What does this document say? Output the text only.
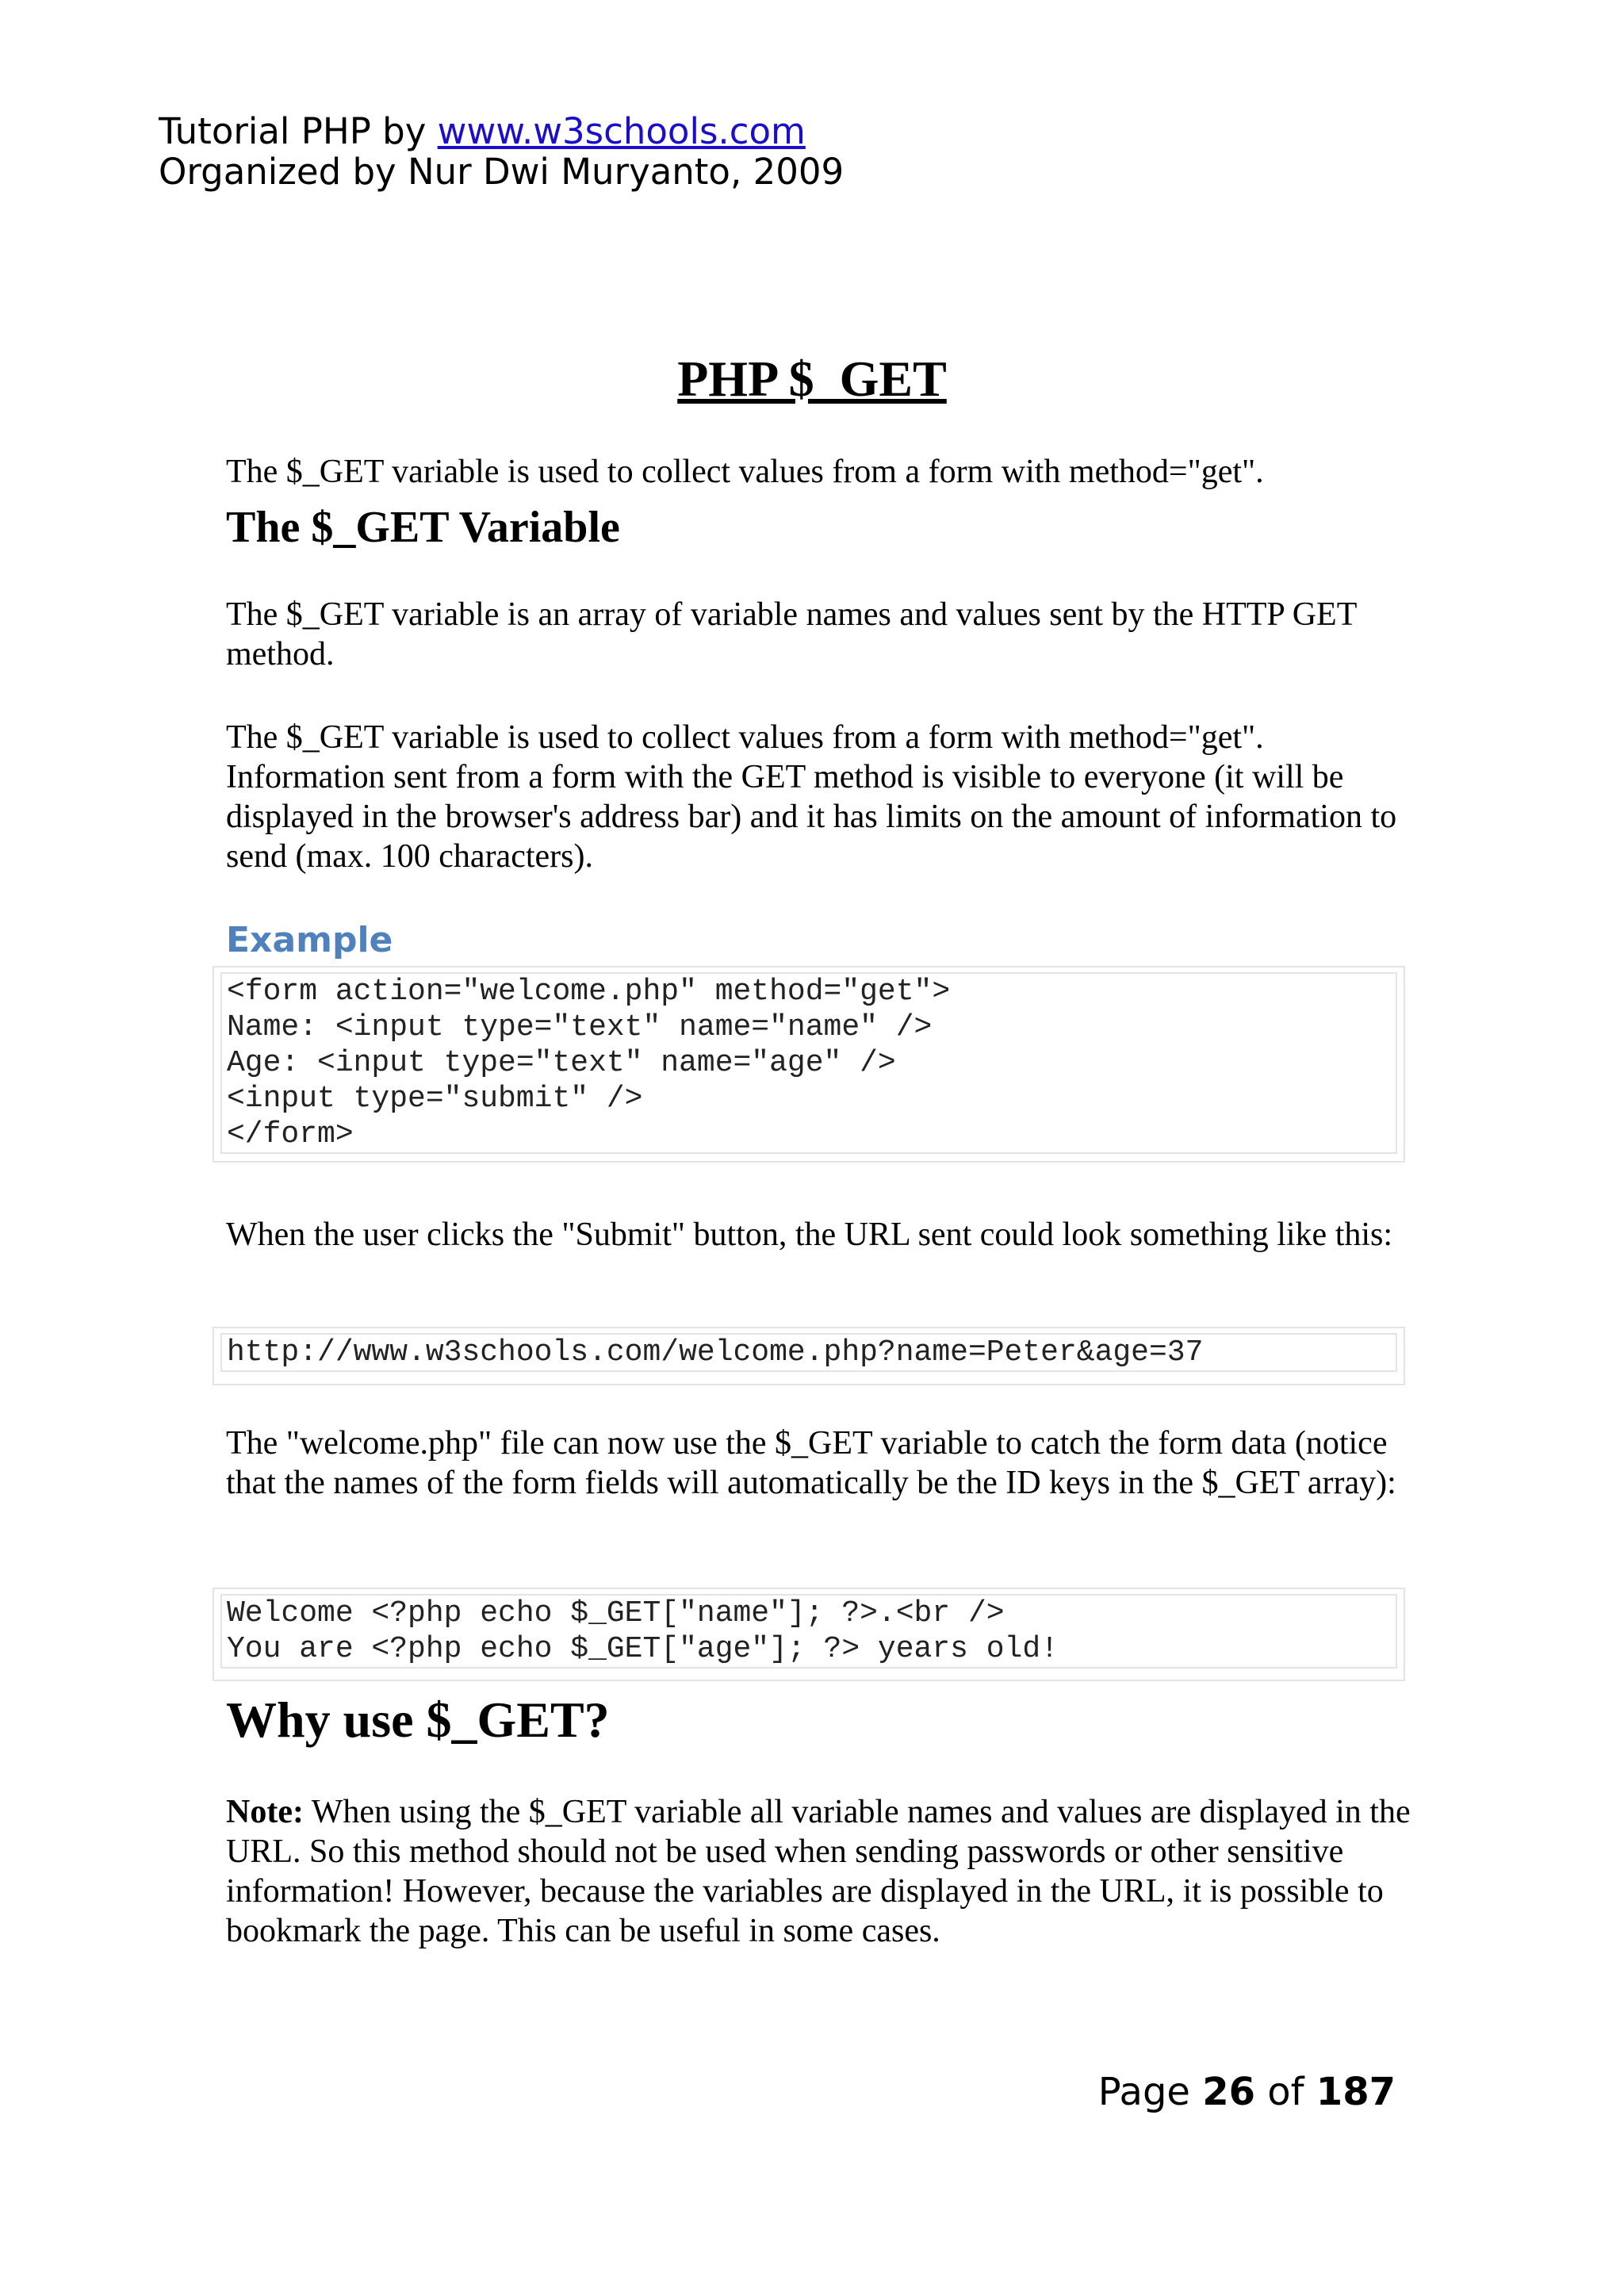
Tutorial PHP by www.w3schools.com
Organized by Nur Dwi Muryanto, 2009
PHP $_GET
The $_GET variable is used to collect values from a form with method="get".
The $_GET Variable
The $_GET variable is an array of variable names and values sent by the HTTP GET method.
The $_GET variable is used to collect values from a form with method="get". Information sent from a form with the GET method is visible to everyone (it will be displayed in the browser's address bar) and it has limits on the amount of information to send (max. 100 characters).
Example
<form action="welcome.php" method="get">
Name: <input type="text" name="name" />
Age: <input type="text" name="age" />
<input type="submit" />
</form>
When the user clicks the "Submit" button, the URL sent could look something like this:
http://www.w3schools.com/welcome.php?name=Peter&age=37
The "welcome.php" file can now use the $_GET variable to catch the form data (notice that the names of the form fields will automatically be the ID keys in the $_GET array):
Welcome <?php echo $_GET["name"]; ?>.<br />
You are <?php echo $_GET["age"]; ?> years old!
Why use $_GET?
Note: When using the $_GET variable all variable names and values are displayed in the URL. So this method should not be used when sending passwords or other sensitive information! However, because the variables are displayed in the URL, it is possible to bookmark the page. This can be useful in some cases.
Page 26 of 187
